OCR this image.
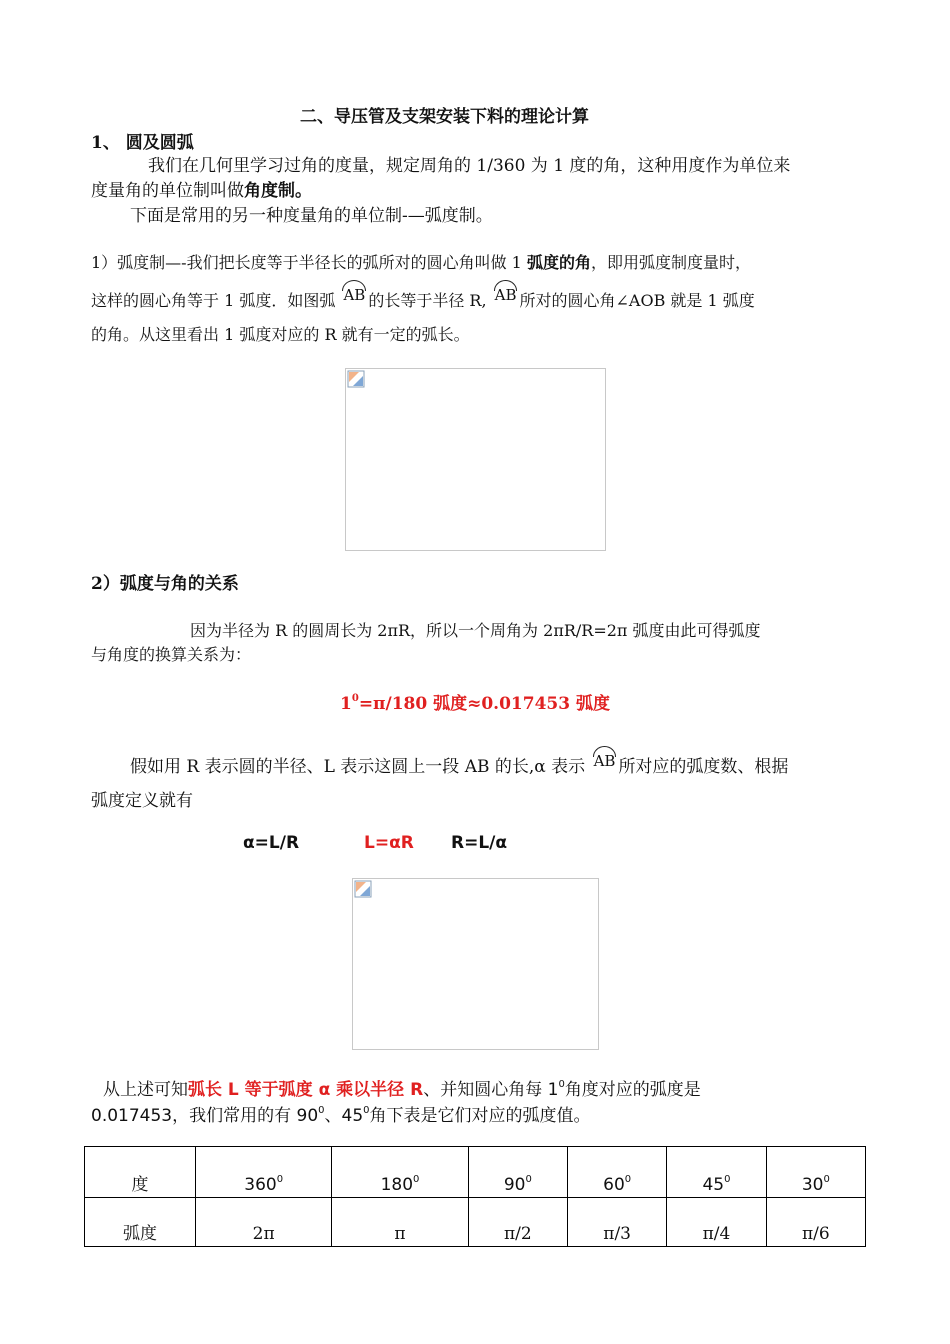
二、导压管及支架安装下料的理论计算
1、 圆及圆弧
我们在几何里学习过角的度量，规定周角的 1/360 为 1 度的角，这种用度作为单位来
度量角的单位制叫做角度制。
下面是常用的另一种度量角的单位制-—弧度制。
1）弧度制—-我们把长度等于半径长的弧所对的圆心角叫做 1 弧度的角，即用弧度制度量时，
这样的圆心角等于 1 弧度．如图弧 AB 的长等于半径 R, AB 所对的圆心角∠AOB 就是 1 弧度
的角。从这里看出 1 弧度对应的 R 就有一定的弧长。
2）弧度与角的关系
因为半径为 R 的圆周长为 2πR，所以一个周角为 2πR/R=2π 弧度由此可得弧度
与角度的换算关系为：
$1^0=\pi/180$ 弧度≈0.017453 弧度
假如用 R 表示圆的半径、L 表示这圆上一段 AB 的长,α 表示 AB 所对应的弧度数、根据
弧度定义就有
α=L/R	L=αR R=L/α
从上述可知弧长 L 等于弧度 α 乘以半径 R、并知圆心角每 $1^0$角度对应的弧度是
0.017453，我们常用的有 $90^0$、$45^0$角下表是它们对应的弧度值。
度	$360^0$	$180^0$	$90^0$	$60^0$	$45^0$	$30^0$
弧度	2π	π	π/2	π/3	π/4	π/6
